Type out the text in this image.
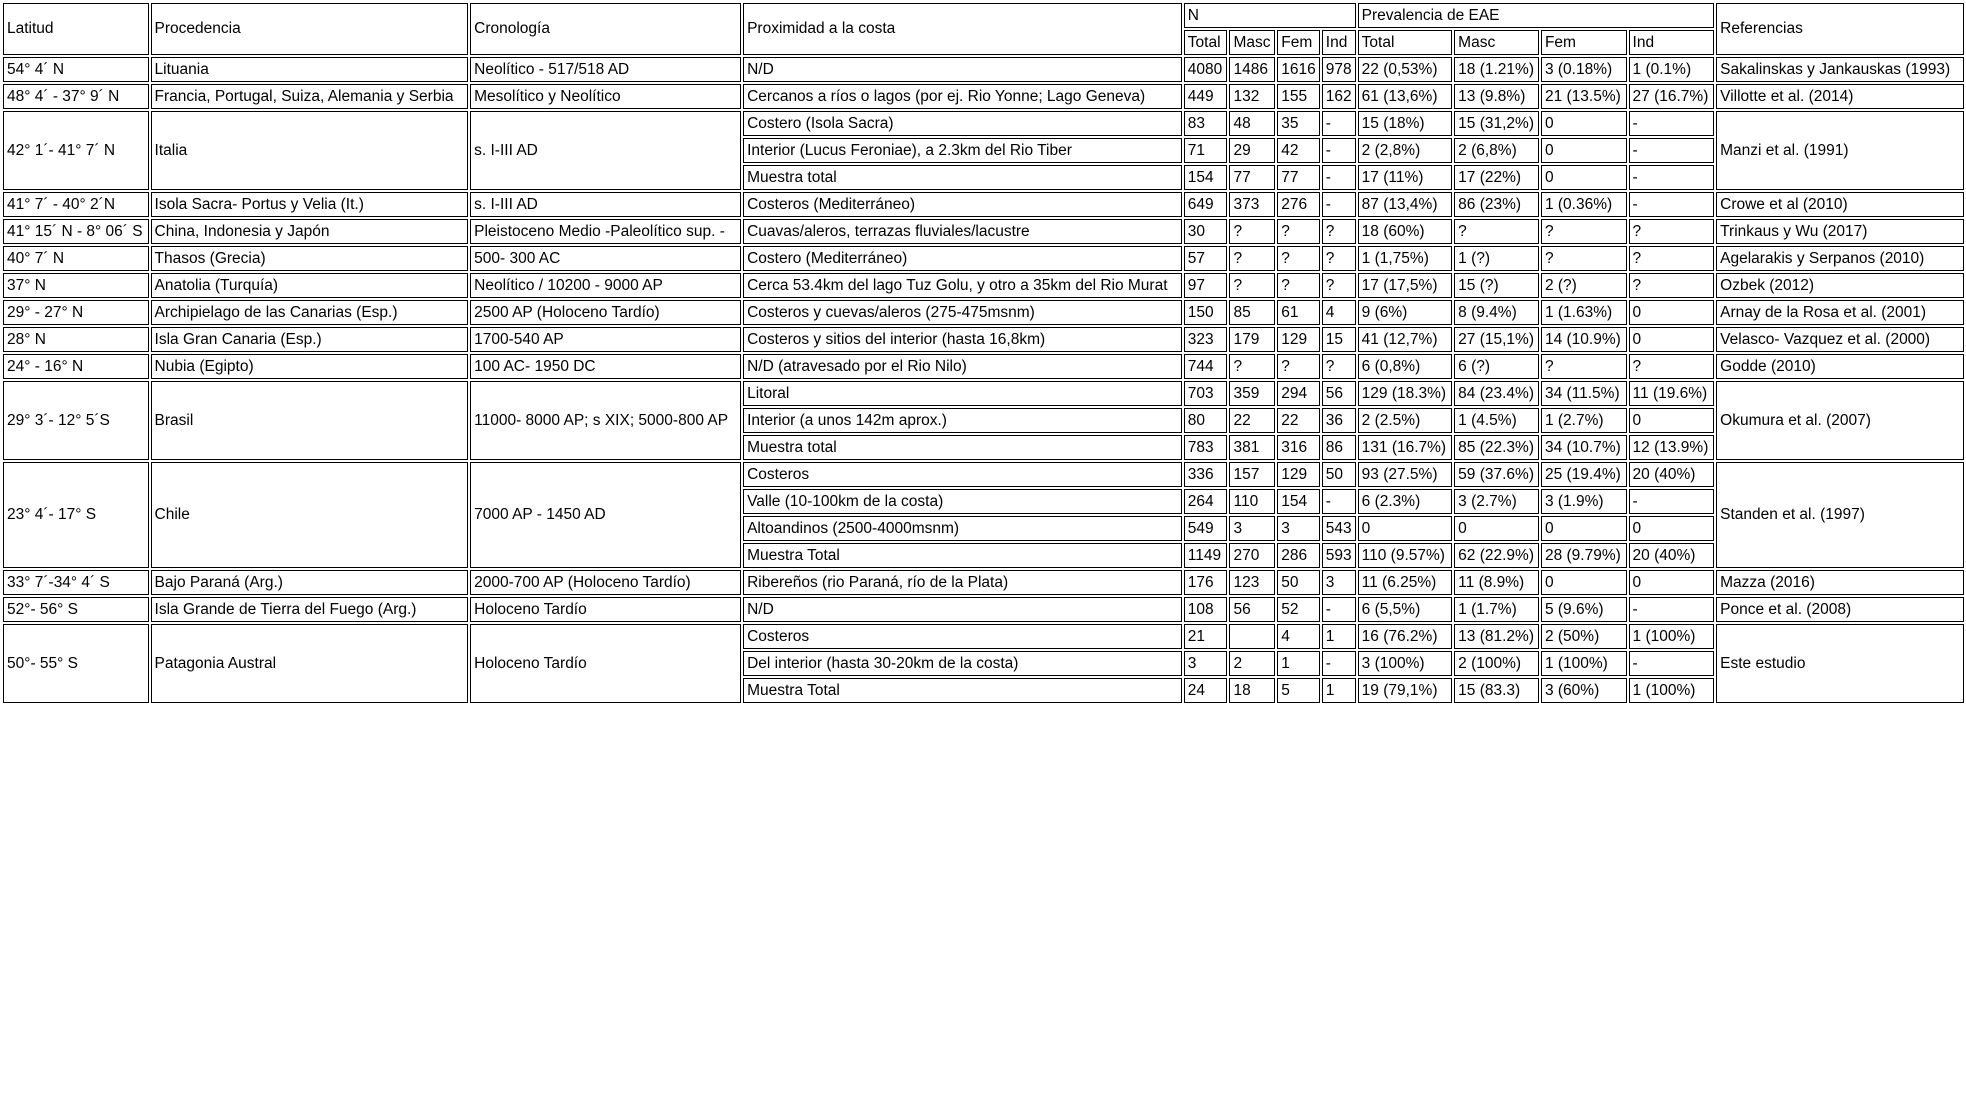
Latitud	Procedencia	Cronología	Proximidad a la costa	N				Prevalencia de EAE				Referencias
				Total	Masc	Fem	Ind	Total	Masc	Fem	Ind	
54° 4´ N	Lituania	Neolítico - 517/518 AD	N/D	4080	1486	1616	978	22 (0,53%)	18 (1.21%)	3 (0.18%)	1 (0.1%)	Sakalinskas y Jankauskas (1993)
48° 4´ - 37° 9´ N	Francia, Portugal, Suiza, Alemania y Serbia	Mesolítico y Neolítico	Cercanos a ríos o lagos (por ej. Rio Yonne; Lago Geneva)	449	132	155	162	61 (13,6%)	13 (9.8%)	21 (13.5%)	27 (16.7%)	Villotte et al. (2014)
42° 1´- 41° 7´ N	Italia	s. I-III AD	Costero (Isola Sacra)	83	48	35	-	15 (18%)	15 (31,2%)	0	-	Manzi et al. (1991)
			Interior (Lucus Feroniae), a 2.3km del Rio Tiber	71	29	42	-	2 (2,8%)	2 (6,8%)	0	-	
			Muestra total	154	77	77	-	17 (11%)	17 (22%)	0	-	
41° 7´ - 40° 2´N	Isola Sacra- Portus y Velia (It.)	s. I-III AD	Costeros (Mediterráneo)	649	373	276	-	87 (13,4%)	86 (23%)	1 (0.36%)	-	Crowe et al (2010)
41° 15´ N - 8° 06´ S	China, Indonesia y Japón	Pleistoceno Medio -Paleolítico sup. -	Cuavas/aleros, terrazas fluviales/lacustre	30	?	?	?	18 (60%)	?	?	?	Trinkaus y Wu (2017)
40° 7´ N	Thasos (Grecia)	500- 300 AC	Costero (Mediterráneo)	57	?	?	?	1 (1,75%)	1 (?)	?	?	Agelarakis y Serpanos (2010)
37° N	Anatolia (Turquía)	Neolítico / 10200 - 9000 AP	Cerca 53.4km del lago Tuz Golu, y otro a 35km del Rio Murat	97	?	?	?	17 (17,5%)	15 (?)	2 (?)	?	Ozbek (2012)
29° - 27° N	Archipielago de las Canarias (Esp.)	2500 AP (Holoceno Tardío)	Costeros y cuevas/aleros (275-475msnm)	150	85	61	4	9 (6%)	8 (9.4%)	1 (1.63%)	0	Arnay de la Rosa et al. (2001)
28° N	Isla Gran Canaria (Esp.)	1700-540 AP	Costeros y sitios del interior (hasta 16,8km)	323	179	129	15	41 (12,7%)	27 (15,1%)	14 (10.9%)	0	Velasco- Vazquez et al. (2000)
24° - 16° N	Nubia (Egipto)	100 AC- 1950 DC	N/D (atravesado por el Rio Nilo)	744	?	?	?	6 (0,8%)	6 (?)	?	?	Godde (2010)
29° 3´- 12° 5´S	Brasil	11000- 8000 AP; s XIX; 5000-800 AP	Litoral	703	359	294	56	129 (18.3%)	84 (23.4%)	34 (11.5%)	11 (19.6%)	Okumura et al. (2007)
			Interior (a unos 142m aprox.)	80	22	22	36	2 (2.5%)	1 (4.5%)	1 (2.7%)	0	
			Muestra total	783	381	316	86	131 (16.7%)	85 (22.3%)	34 (10.7%)	12 (13.9%)	
23° 4´- 17° S	Chile	7000 AP - 1450 AD	Costeros	336	157	129	50	93 (27.5%)	59 (37.6%)	25 (19.4%)	20 (40%)	Standen et al. (1997)
			Valle (10-100km de la costa)	264	110	154	-	6 (2.3%)	3 (2.7%)	3 (1.9%)	-	
			Altoandinos (2500-4000msnm)	549	3	3	543	0	0	0	0	
			Muestra Total	1149	270	286	593	110 (9.57%)	62 (22.9%)	28 (9.79%)	20 (40%)	
33° 7´-34° 4´ S	Bajo Paraná (Arg.)	2000-700 AP (Holoceno Tardío)	Ribereños (rio Paraná, río de la Plata)	176	123	50	3	11 (6.25%)	11 (8.9%)	0	0	Mazza (2016)
52°- 56° S	Isla Grande de Tierra del Fuego (Arg.)	Holoceno Tardío	N/D	108	56	52	-	6 (5,5%)	1 (1.7%)	5 (9.6%)	-	Ponce et al. (2008)
50°- 55° S	Patagonia Austral	Holoceno Tardío	Costeros	21		4	1	16 (76.2%)	13 (81.2%)	2 (50%)	1 (100%)	Este estudio
			Del interior (hasta 30-20km de la costa)	3	2	1	-	3 (100%)	2 (100%)	1 (100%)	-	
			Muestra Total	24	18	5	1	19 (79,1%)	15 (83.3)	3 (60%)	1 (100%)	
